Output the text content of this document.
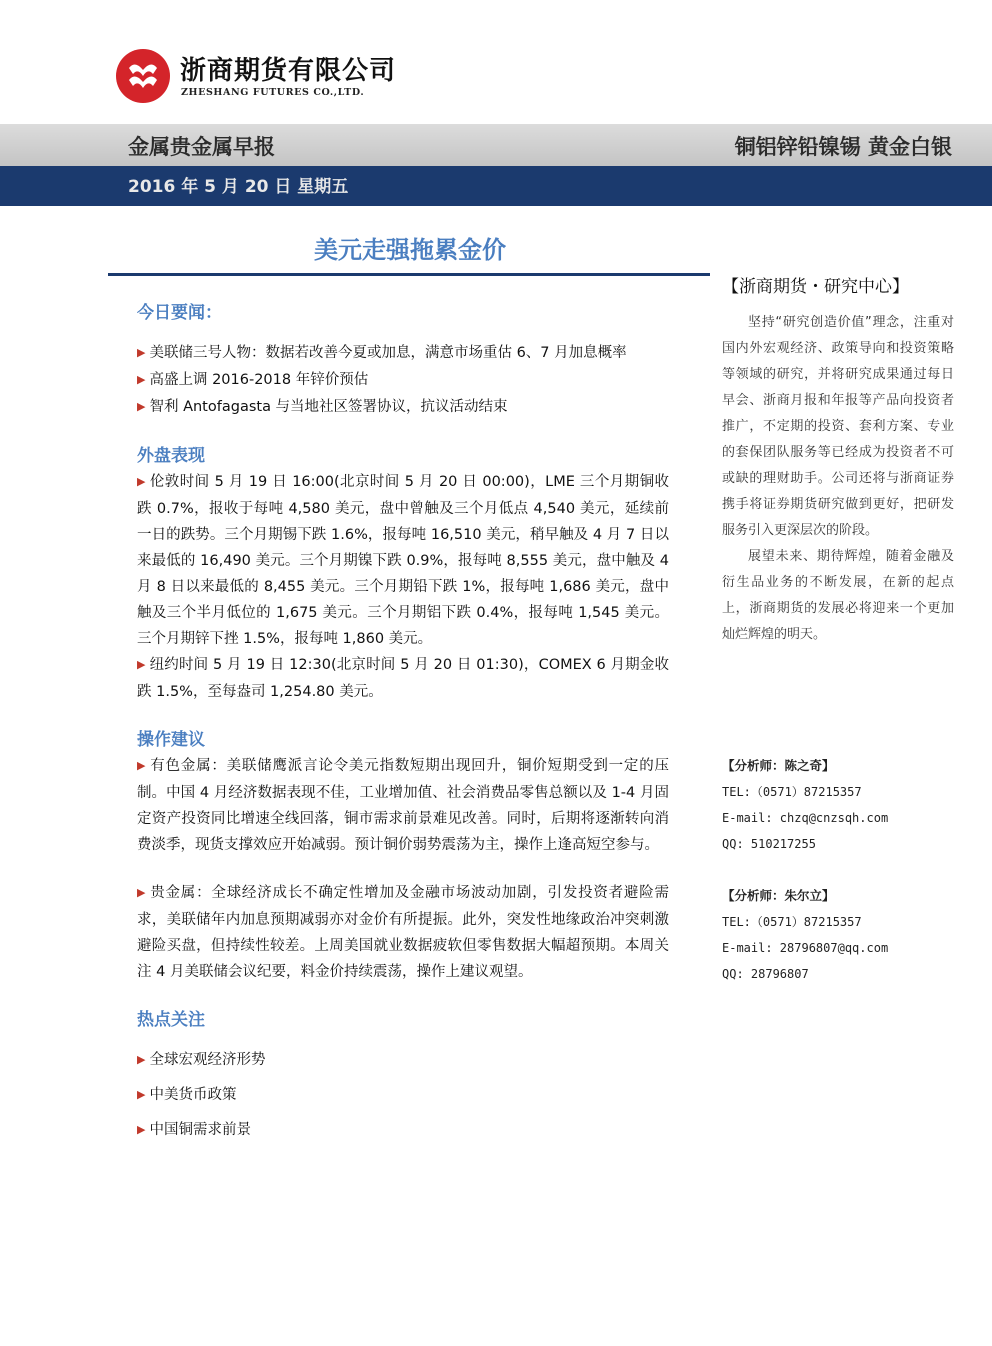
浙商期货有限公司
ZHESHANG FUTURES CO.,LTD.
金属贵金属早报	铜铝锌铅镍锡 黄金白银
2016 年 5 月 20 日 星期五
美元走强拖累金价

今日要闻：

▶ 美联储三号人物：数据若改善今夏或加息，满意市场重估 6、7 月加息概率

▶ 高盛上调 2016-2018 年锌价预估

▶ 智利 Antofagasta 与当地社区签署协议，抗议活动结束

外盘表现

▶ 伦敦时间 5 月 19 日 16:00(北京时间 5 月 20 日 00:00)，LME 三个月期铜收跌 0.7%，报收于每吨 4,580 美元，盘中曾触及三个月低点 4,540 美元，延续前一日的跌势。三个月期锡下跌 1.6%，报每吨 16,510 美元，稍早触及 4 月 7 日以来最低的 16,490 美元。三个月期镍下跌 0.9%，报每吨 8,555 美元，盘中触及 4 月 8 日以来最低的 8,455 美元。三个月期铅下跌 1%，报每吨 1,686 美元，盘中触及三个半月低位的 1,675 美元。三个月期铝下跌 0.4%，报每吨 1,545 美元。三个月期锌下挫 1.5%，报每吨 1,860 美元。

▶ 纽约时间 5 月 19 日 12:30(北京时间 5 月 20 日 01:30)，COMEX 6 月期金收跌 1.5%，至每盎司 1,254.80 美元。

操作建议

▶ 有色金属：美联储鹰派言论令美元指数短期出现回升，铜价短期受到一定的压制。中国 4 月经济数据表现不佳，工业增加值、社会消费品零售总额以及 1-4 月固定资产投资同比增速全线回落，铜市需求前景难见改善。同时，后期将逐渐转向消费淡季，现货支撑效应开始减弱。预计铜价弱势震荡为主，操作上逢高短空参与。

▶ 贵金属：全球经济成长不确定性增加及金融市场波动加剧，引发投资者避险需求，美联储年内加息预期减弱亦对金价有所提振。此外，突发性地缘政治冲突刺激避险买盘，但持续性较差。上周美国就业数据疲软但零售数据大幅超预期。本周关注 4 月美联储会议纪要，料金价持续震荡，操作上建议观望。

热点关注

▶ 全球宏观经济形势

▶ 中美货币政策

▶ 中国铜需求前景

【浙商期货・研究中心】

坚持“研究创造价值”理念，注重对国内外宏观经济、政策导向和投资策略等领域的研究，并将研究成果通过每日早会、浙商月报和年报等产品向投资者推广，不定期的投资、套利方案、专业的套保团队服务等已经成为投资者不可或缺的理财助手。公司还将与浙商证券携手将证券期货研究做到更好，把研发服务引入更深层次的阶段。

展望未来、期待辉煌，随着金融及衍生品业务的不断发展，在新的起点上，浙商期货的发展必将迎来一个更加灿烂辉煌的明天。

【分析师：陈之奇】
TEL:（0571）87215357
E-mail: chzq@cnzsqh.com
QQ: 510217255
【分析师：朱尔立】
TEL:（0571）87215357
E-mail: 28796807@qq.com
QQ: 28796807
